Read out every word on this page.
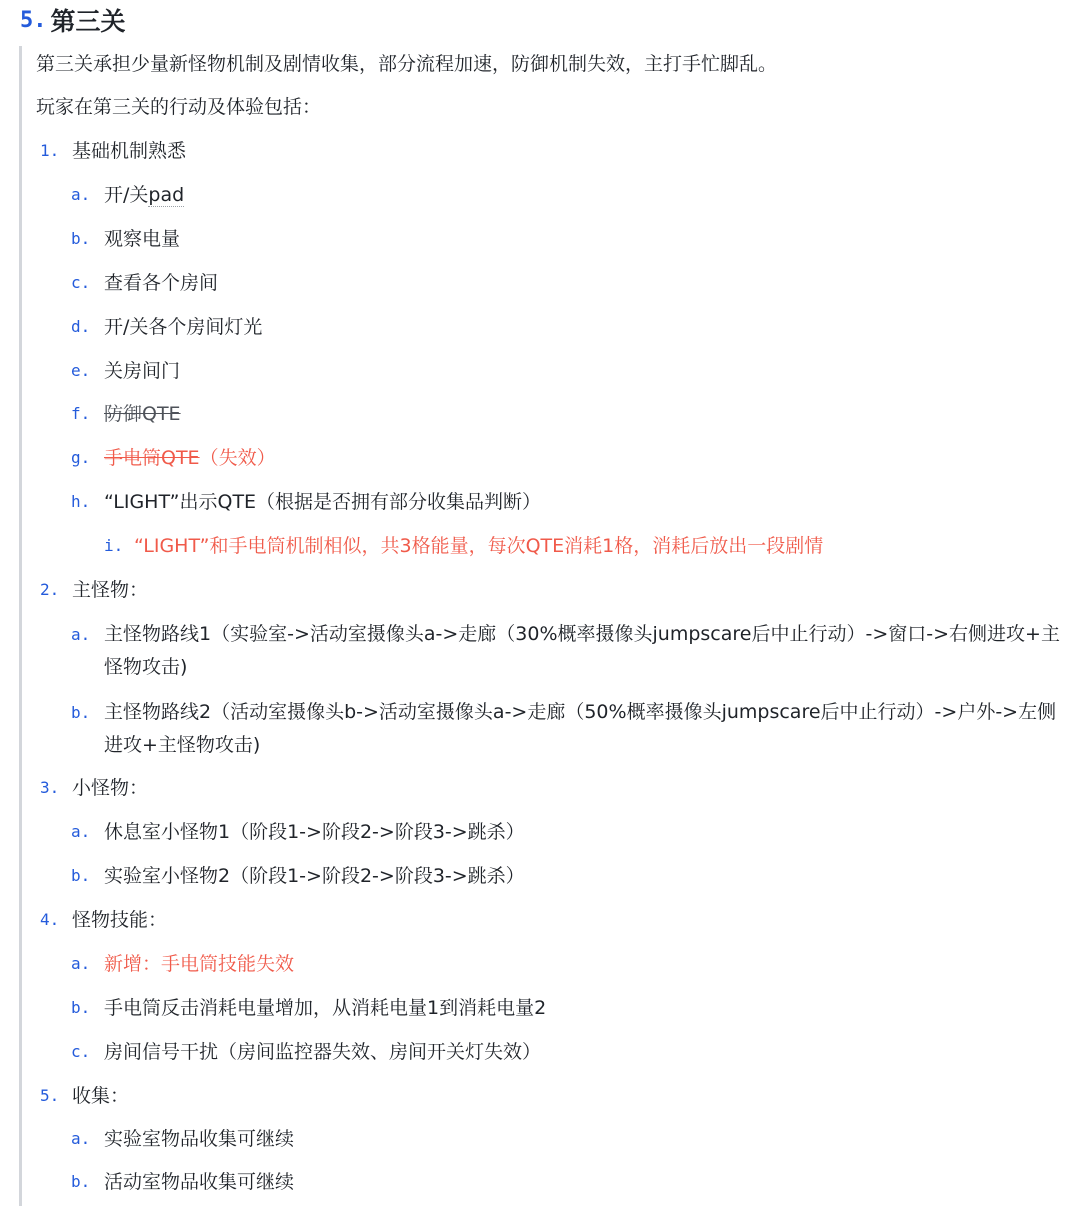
5. 第三关
第三关承担少量新怪物机制及剧情收集，部分流程加速，防御机制失效，主打手忙脚乱。
玩家在第三关的行动及体验包括：
1. 基础机制熟悉
a. 开/关pad
b. 观察电量
c. 查看各个房间
d. 开/关各个房间灯光
e. 关房间门
f. 防御QTE
g. 手电筒QTE（失效）
h. “LIGHT”出示QTE（根据是否拥有部分收集品判断）
i. “LIGHT”和手电筒机制相似，共3格能量，每次QTE消耗1格，消耗后放出一段剧情
2. 主怪物：
a. 主怪物路线1（实验室->活动室摄像头a->走廊（30%概率摄像头jumpscare后中止行动）->窗口->右侧进攻+主怪物攻击)
b. 主怪物路线2（活动室摄像头b->活动室摄像头a->走廊（50%概率摄像头jumpscare后中止行动）->户外->左侧进攻+主怪物攻击)
3. 小怪物：
a. 休息室小怪物1（阶段1->阶段2->阶段3->跳杀）
b. 实验室小怪物2（阶段1->阶段2->阶段3->跳杀）
4. 怪物技能：
a. 新增：手电筒技能失效
b. 手电筒反击消耗电量增加，从消耗电量1到消耗电量2
c. 房间信号干扰（房间监控器失效、房间开关灯失效）
5. 收集：
a. 实验室物品收集可继续
b. 活动室物品收集可继续
